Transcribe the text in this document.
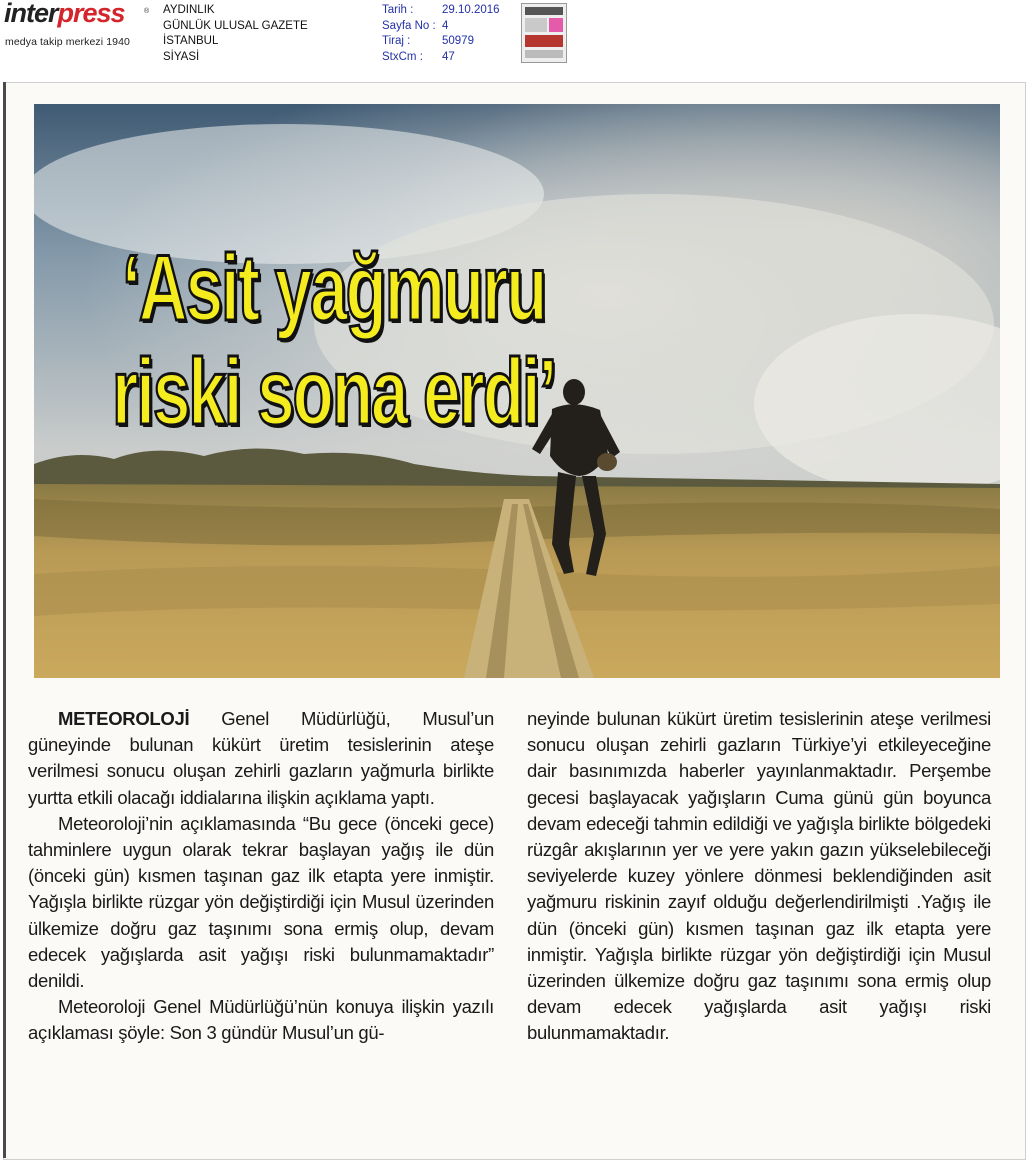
interpress	®
medya takip merkezi 1940
AYDINLIK
GÜNLÜK ULUSAL GAZETE
İSTANBUL
SİYASİ
Tarih :
Sayfa No :
Tiraj :
StxCm :
29.10.2016
4
50979
47
‘Asit yağmuru
riski sona erdi’

METEOROLOJİ Genel Müdürlüğü, Musul’un güneyinde bulunan kükürt üretim tesislerinin ateşe verilmesi sonucu oluşan zehirli gazların yağmurla birlikte yurtta etkili olacağı iddialarına ilişkin açıklama yaptı.

Meteoroloji’nin açıklamasında “Bu gece (önceki gece) tahminlere uygun olarak tekrar başlayan yağış ile dün (önceki gün) kısmen taşınan gaz ilk etapta yere inmiştir. Yağışla birlikte rüzgar yön değiştirdiği için Musul üzerinden ülkemize doğru gaz taşınımı sona ermiş olup, devam edecek yağışlarda asit yağışı riski bulunmamaktadır” denildi.

Meteoroloji Genel Müdürlüğü’nün konuya ilişkin yazılı açıklaması şöyle: Son 3 gündür Musul’un gü-

neyinde bulunan kükürt üretim tesislerinin ateşe verilmesi sonucu oluşan zehirli gazların Türkiye’yi etkileyeceğine dair basınımızda haberler yayınlanmaktadır. Perşembe gecesi başlayacak yağışların Cuma günü gün boyunca devam edeceği tahmin edildiği ve yağışla birlikte bölgedeki rüzgâr akışlarının yer ve yere yakın gazın yükselebileceği seviyelerde kuzey yönlere dönmesi beklendiğinden asit yağmuru riskinin zayıf olduğu değerlendirilmişti .Yağış ile dün (önceki gün) kısmen taşınan gaz ilk etapta yere inmiştir. Yağışla birlikte rüzgar yön değiştirdiği için Musul üzerinden ülkemize doğru gaz taşınımı sona ermiş olup devam edecek yağışlarda asit yağışı riski bulunmamaktadır.
